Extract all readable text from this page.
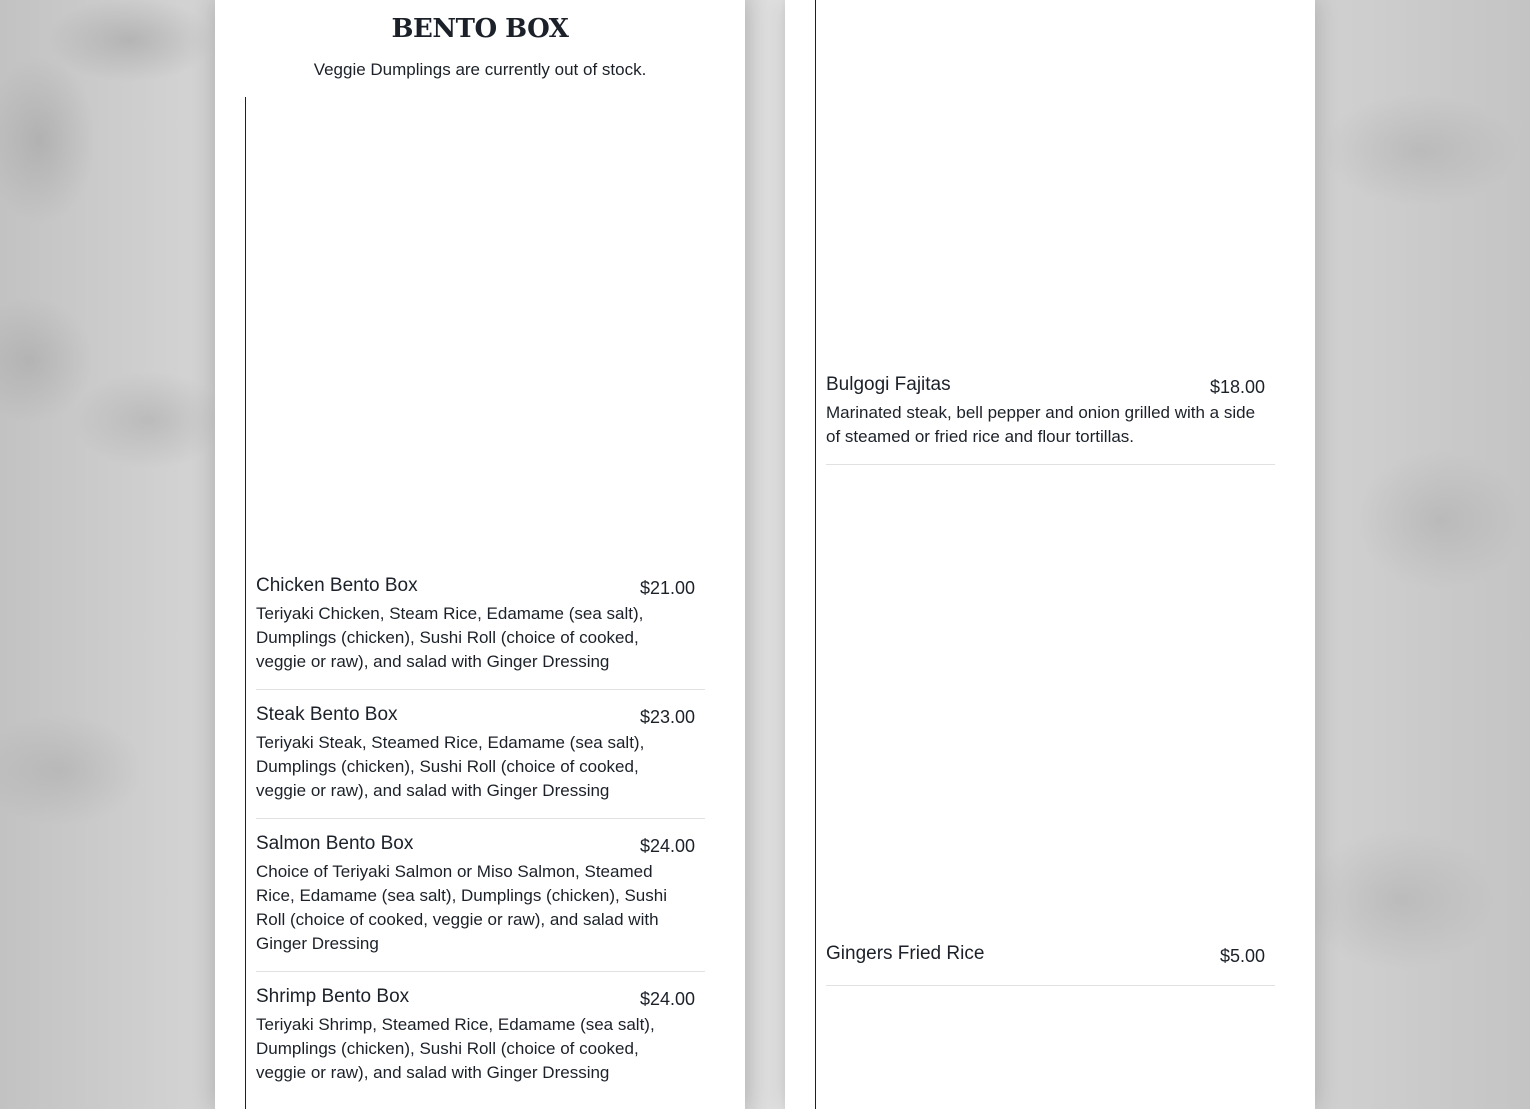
BENTO BOX
Veggie Dumplings are currently out of stock.
Chicken Bento Box	$21.00
Teriyaki Chicken, Steam Rice, Edamame (sea salt), Dumplings (chicken), Sushi Roll (choice of cooked, veggie or raw), and salad with Ginger Dressing
Steak Bento Box	$23.00
Teriyaki Steak, Steamed Rice, Edamame (sea salt), Dumplings (chicken), Sushi Roll (choice of cooked, veggie or raw), and salad with Ginger Dressing
Salmon Bento Box	$24.00
Choice of Teriyaki Salmon or Miso Salmon, Steamed Rice, Edamame (sea salt), Dumplings (chicken), Sushi Roll (choice of cooked, veggie or raw), and salad with Ginger Dressing
Shrimp Bento Box	$24.00
Teriyaki Shrimp, Steamed Rice, Edamame (sea salt), Dumplings (chicken), Sushi Roll (choice of cooked, veggie or raw), and salad with Ginger Dressing
Bulgogi Fajitas	$18.00
Marinated steak, bell pepper and onion grilled with a side of steamed or fried rice and flour tortillas.
Gingers Fried Rice	$5.00
